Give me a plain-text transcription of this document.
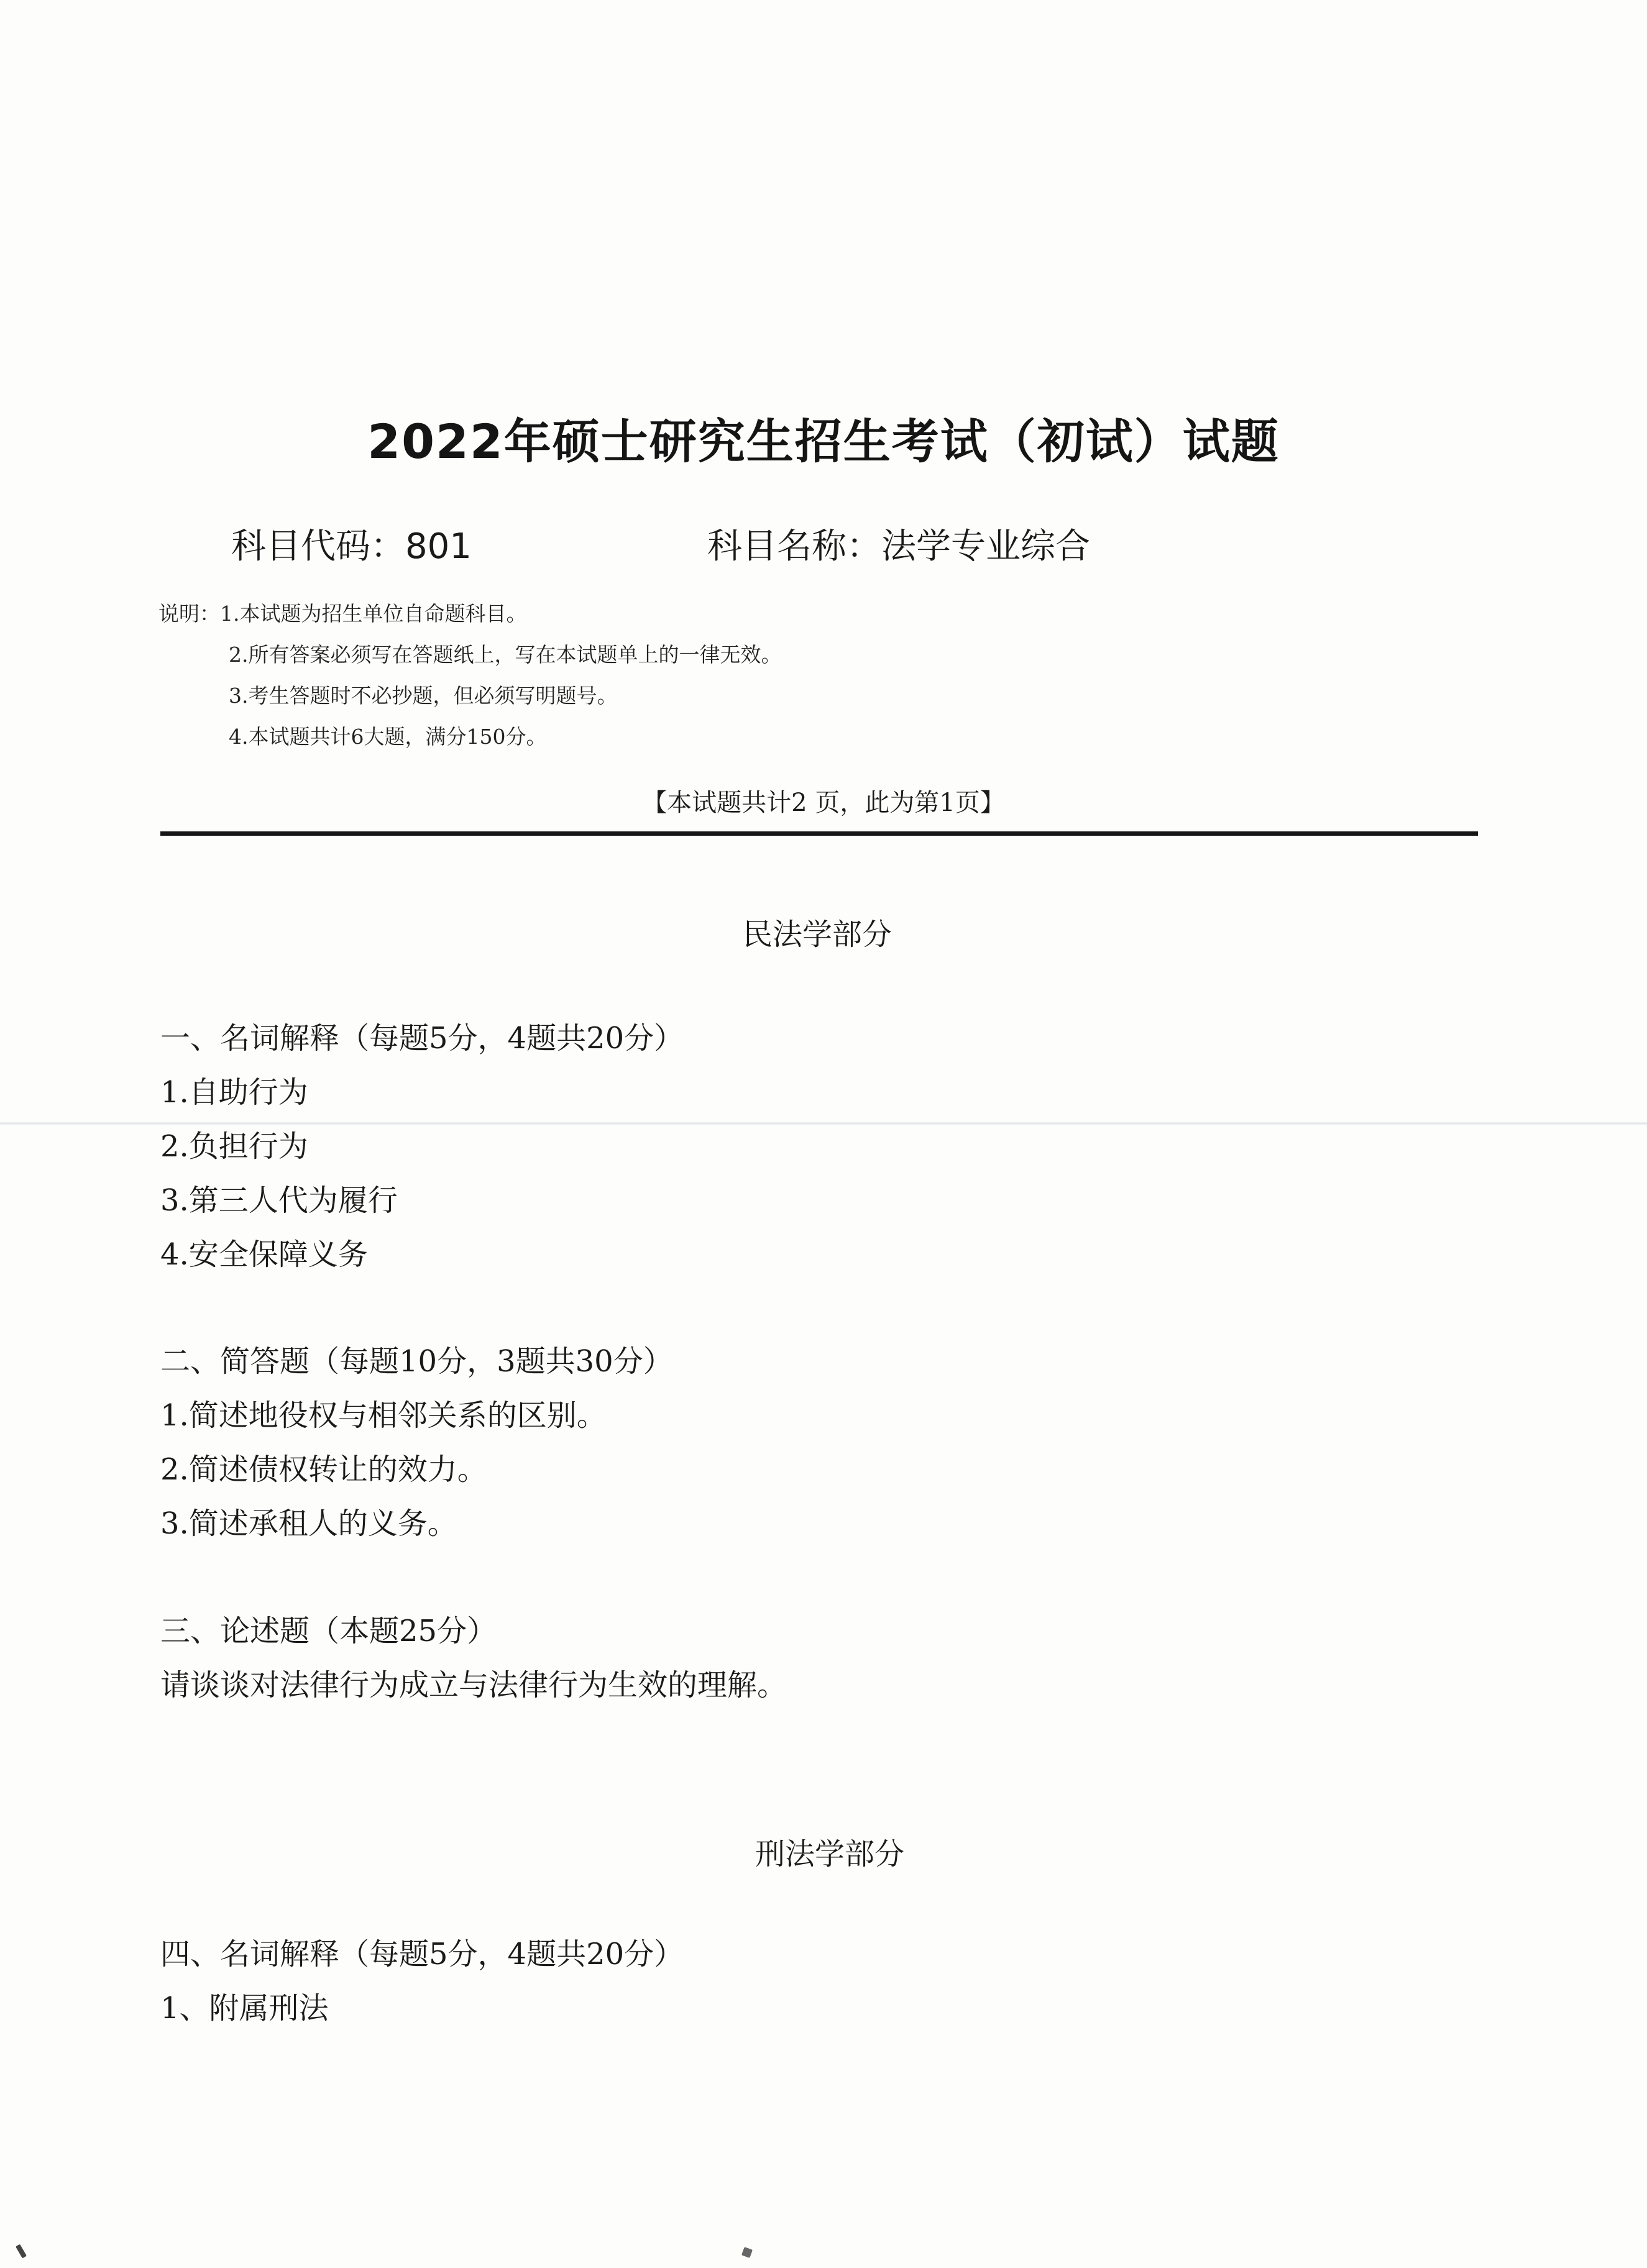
2022年硕士研究生招生考试（初试）试题
科目代码：801	科目名称：法学专业综合
说明：1.本试题为招生单位自命题科目。
2.所有答案必须写在答题纸上，写在本试题单上的一律无效。
3.考生答题时不必抄题，但必须写明题号。
4.本试题共计6大题，满分150分。
【本试题共计2 页，此为第1页】
民法学部分
一、名词解释（每题5分，4题共20分）
1.自助行为
2.负担行为
3.第三人代为履行
4.安全保障义务
二、简答题（每题10分，3题共30分）
1.简述地役权与相邻关系的区别。
2.简述债权转让的效力。
3.简述承租人的义务。
三、论述题（本题25分）
请谈谈对法律行为成立与法律行为生效的理解。
刑法学部分
四、名词解释（每题5分，4题共20分）
1、附属刑法
